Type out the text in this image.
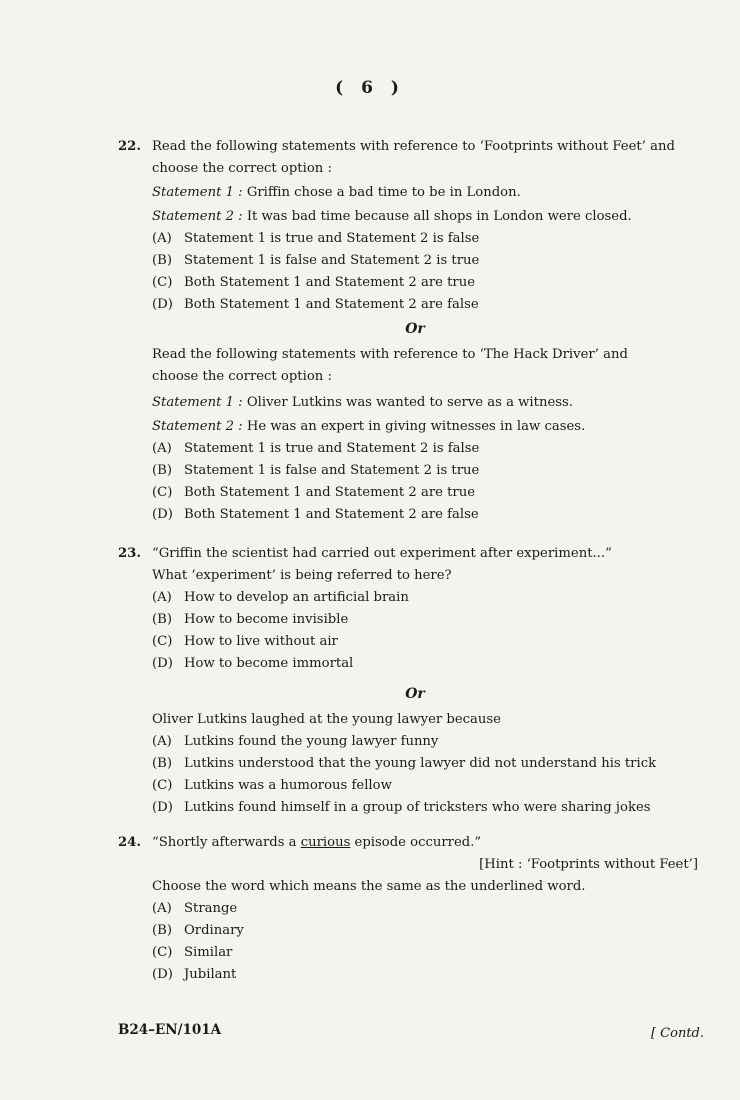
( 6 )
22. Read the following statements with reference to ‘Footprints without Feet’ and choose the correct option :
Statement 1 : Griffin chose a bad time to be in London.
Statement 2 : It was bad time because all shops in London were closed.
(A) Statement 1 is true and Statement 2 is false
(B) Statement 1 is false and Statement 2 is true
(C) Both Statement 1 and Statement 2 are true
(D) Both Statement 1 and Statement 2 are false
Or
Read the following statements with reference to ‘The Hack Driver’ and choose the correct option :
Statement 1 : Oliver Lutkins was wanted to serve as a witness.
Statement 2 : He was an expert in giving witnesses in law cases.
(A) Statement 1 is true and Statement 2 is false
(B) Statement 1 is false and Statement 2 is true
(C) Both Statement 1 and Statement 2 are true
(D) Both Statement 1 and Statement 2 are false
23. “Griffin the scientist had carried out experiment after experiment...”
What ‘experiment’ is being referred to here?
(A) How to develop an artificial brain
(B) How to become invisible
(C) How to live without air
(D) How to become immortal
Or
Oliver Lutkins laughed at the young lawyer because
(A) Lutkins found the young lawyer funny
(B) Lutkins understood that the young lawyer did not understand his trick
(C) Lutkins was a humorous fellow
(D) Lutkins found himself in a group of tricksters who were sharing jokes
24. “Shortly afterwards a curious episode occurred.”
[Hint : ‘Footprints without Feet’]
Choose the word which means the same as the underlined word.
(A) Strange
(B) Ordinary
(C) Similar
(D) Jubilant
B24–EN/101A	[ Contd.
